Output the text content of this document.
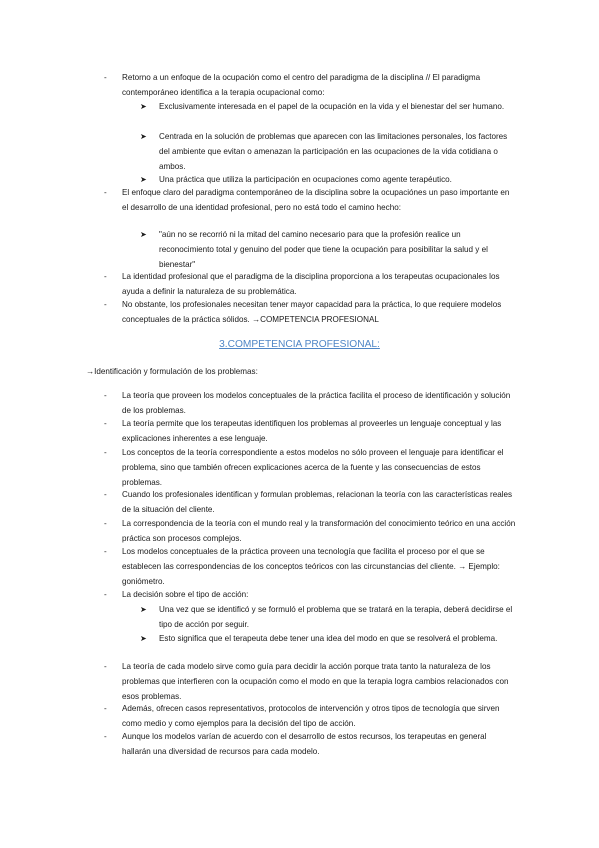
-	Retorno a un enfoque de la ocupación como el centro del paradigma de la disciplina // El paradigma contemporáneo identifica a la terapia ocupacional como:
➤	Exclusivamente interesada en el papel de la ocupación en la vida y el bienestar del ser humano.
➤	Centrada en la solución de problemas que aparecen con las limitaciones personales, los factores del ambiente que evitan o amenazan la participación en las ocupaciones de la vida cotidiana o ambos.
➤	Una práctica que utiliza la participación en ocupaciones como agente terapéutico.
-	El enfoque claro del paradigma contemporáneo de la disciplina sobre la ocupaciónes un paso importante en el desarrollo de una identidad profesional, pero no está todo el camino hecho:
➤	"aún no se recorrió ni la mitad del camino necesario para que la profesión realice un reconocimiento total y genuino del poder que tiene la ocupación para posibilitar la salud y el bienestar"
-	La identidad profesional que el paradigma de la disciplina proporciona a los terapeutas ocupacionales los ayuda a definir la naturaleza de su problemática.
-	No obstante, los profesionales necesitan tener mayor capacidad para la práctica, lo que requiere modelos conceptuales de la práctica sólidos. →COMPETENCIA PROFESIONAL
3.COMPETENCIA PROFESIONAL:
→Identificación y formulación de los problemas:
-	La teoría que proveen los modelos conceptuales de la práctica facilita el proceso de identificación y solución de los problemas.
-	La teoría permite que los terapeutas identifiquen los problemas al proveerles un lenguaje conceptual y las explicaciones inherentes a ese lenguaje.
-	Los conceptos de la teoría correspondiente a estos modelos no sólo proveen el lenguaje para identificar el problema, sino que también ofrecen explicaciones acerca de la fuente y las consecuencias de estos problemas.
-	Cuando los profesionales identifican y formulan problemas, relacionan la teoría con las características reales de la situación del cliente.
-	La correspondencia de la teoría con el mundo real y la transformación del conocimiento teórico en una acción práctica son procesos complejos.
-	Los modelos conceptuales de la práctica proveen una tecnología que facilita el proceso por el que se establecen las correspondencias de los conceptos teóricos con las circunstancias del cliente. → Ejemplo: goniómetro.
-	La decisión sobre el tipo de acción:
➤	Una vez que se identificó y se formuló el problema que se tratará en la terapia, deberá decidirse el tipo de acción por seguir.
➤	Esto significa que el terapeuta debe tener una idea del modo en que se resolverá el problema.
-	La teoría de cada modelo sirve como guía para decidir la acción porque trata tanto la naturaleza de los problemas que interfieren con la ocupación como el modo en que la terapia logra cambios relacionados con esos problemas.
-	Además, ofrecen casos representativos, protocolos de intervención y otros tipos de tecnología que sirven como medio y como ejemplos para la decisión del tipo de acción.
-	Aunque los modelos varían de acuerdo con el desarrollo de estos recursos, los terapeutas en general hallarán una diversidad de recursos para cada modelo.
